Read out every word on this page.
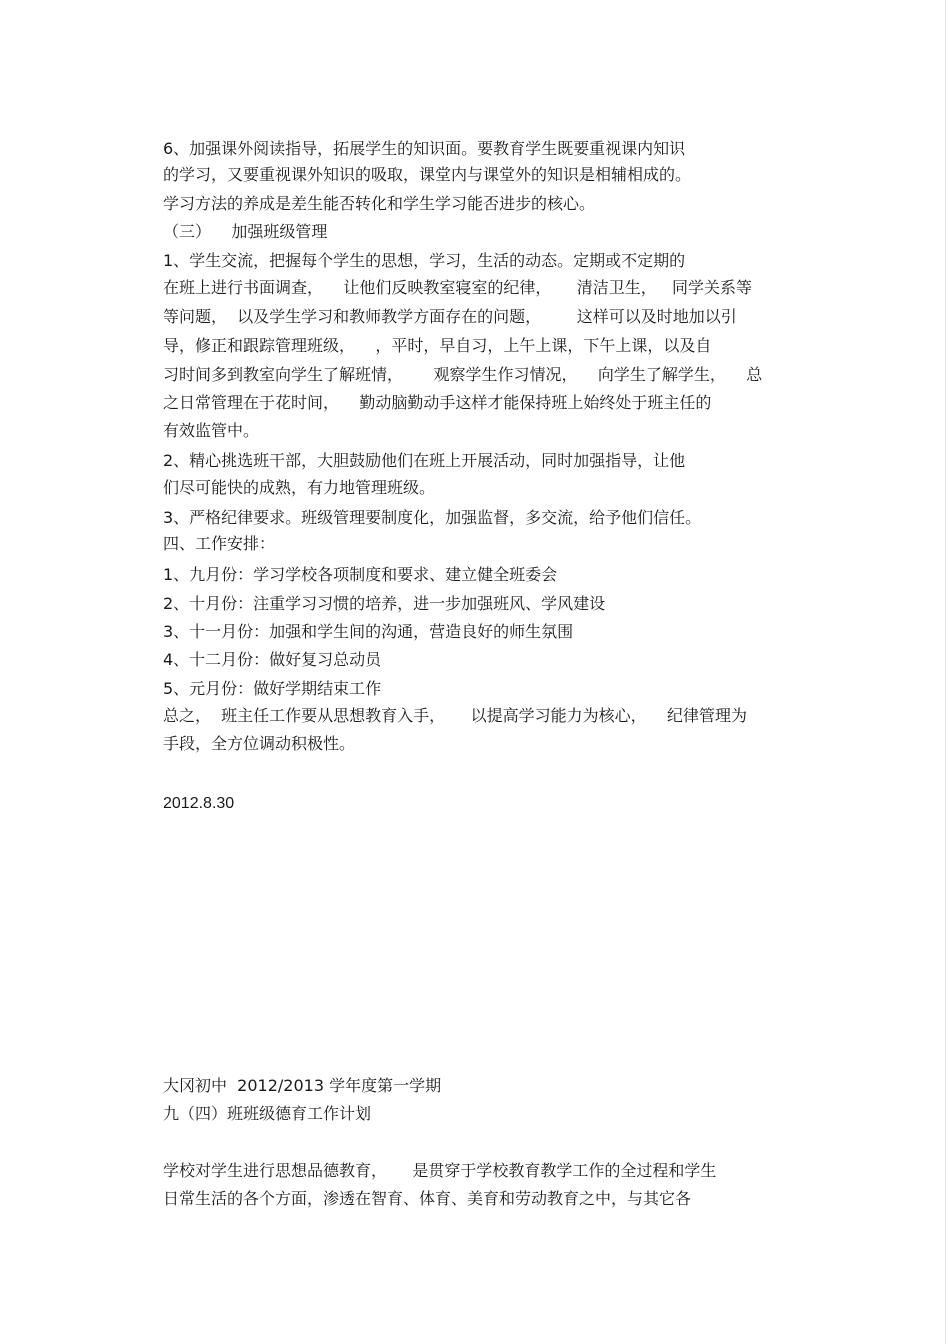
6、加强课外阅读指导，拓展学生的知识面。要教育学生既要重视课内知识

的学习，又要重视课外知识的吸取，课堂内与课堂外的知识是相辅相成的。

学习方法的养成是差生能否转化和学生学习能否进步的核心。

（三）    加强班级管理

1、学生交流，把握每个学生的思想，学习，生活的动态。定期或不定期的

在班上进行书面调查，    让他们反映教室寝室的纪律，     清洁卫生，   同学关系等

等问题，  以及学生学习和教师教学方面存在的问题，       这样可以及时地加以引

导，修正和跟踪管理班级，    ，平时，早自习，上午上课，下午上课，以及自

习时间多到教室向学生了解班情，      观察学生作习情况，    向学生了解学生，    总

之日常管理在于花时间，    勤动脑勤动手这样才能保持班上始终处于班主任的

有效监管中。

2、精心挑选班干部，大胆鼓励他们在班上开展活动，同时加强指导，让他

们尽可能快的成熟，有力地管理班级。

3、严格纪律要求。班级管理要制度化，加强监督，多交流，给予他们信任。

四、工作安排：

1、九月份：学习学校各项制度和要求、建立健全班委会

2、十月份：注重学习习惯的培养，进一步加强班风、学风建设

3、十一月份：加强和学生间的沟通，营造良好的师生氛围

4、十二月份：做好复习总动员

5、元月份：做好学期结束工作

总之，  班主任工作要从思想教育入手，     以提高学习能力为核心，    纪律管理为

手段，全方位调动积极性。

2012.8.30

大冈初中  2012/2013 学年度第一学期

九（四）班班级德育工作计划

学校对学生进行思想品德教育，     是贯穿于学校教育教学工作的全过程和学生

日常生活的各个方面，渗透在智育、体育、美育和劳动教育之中，与其它各
